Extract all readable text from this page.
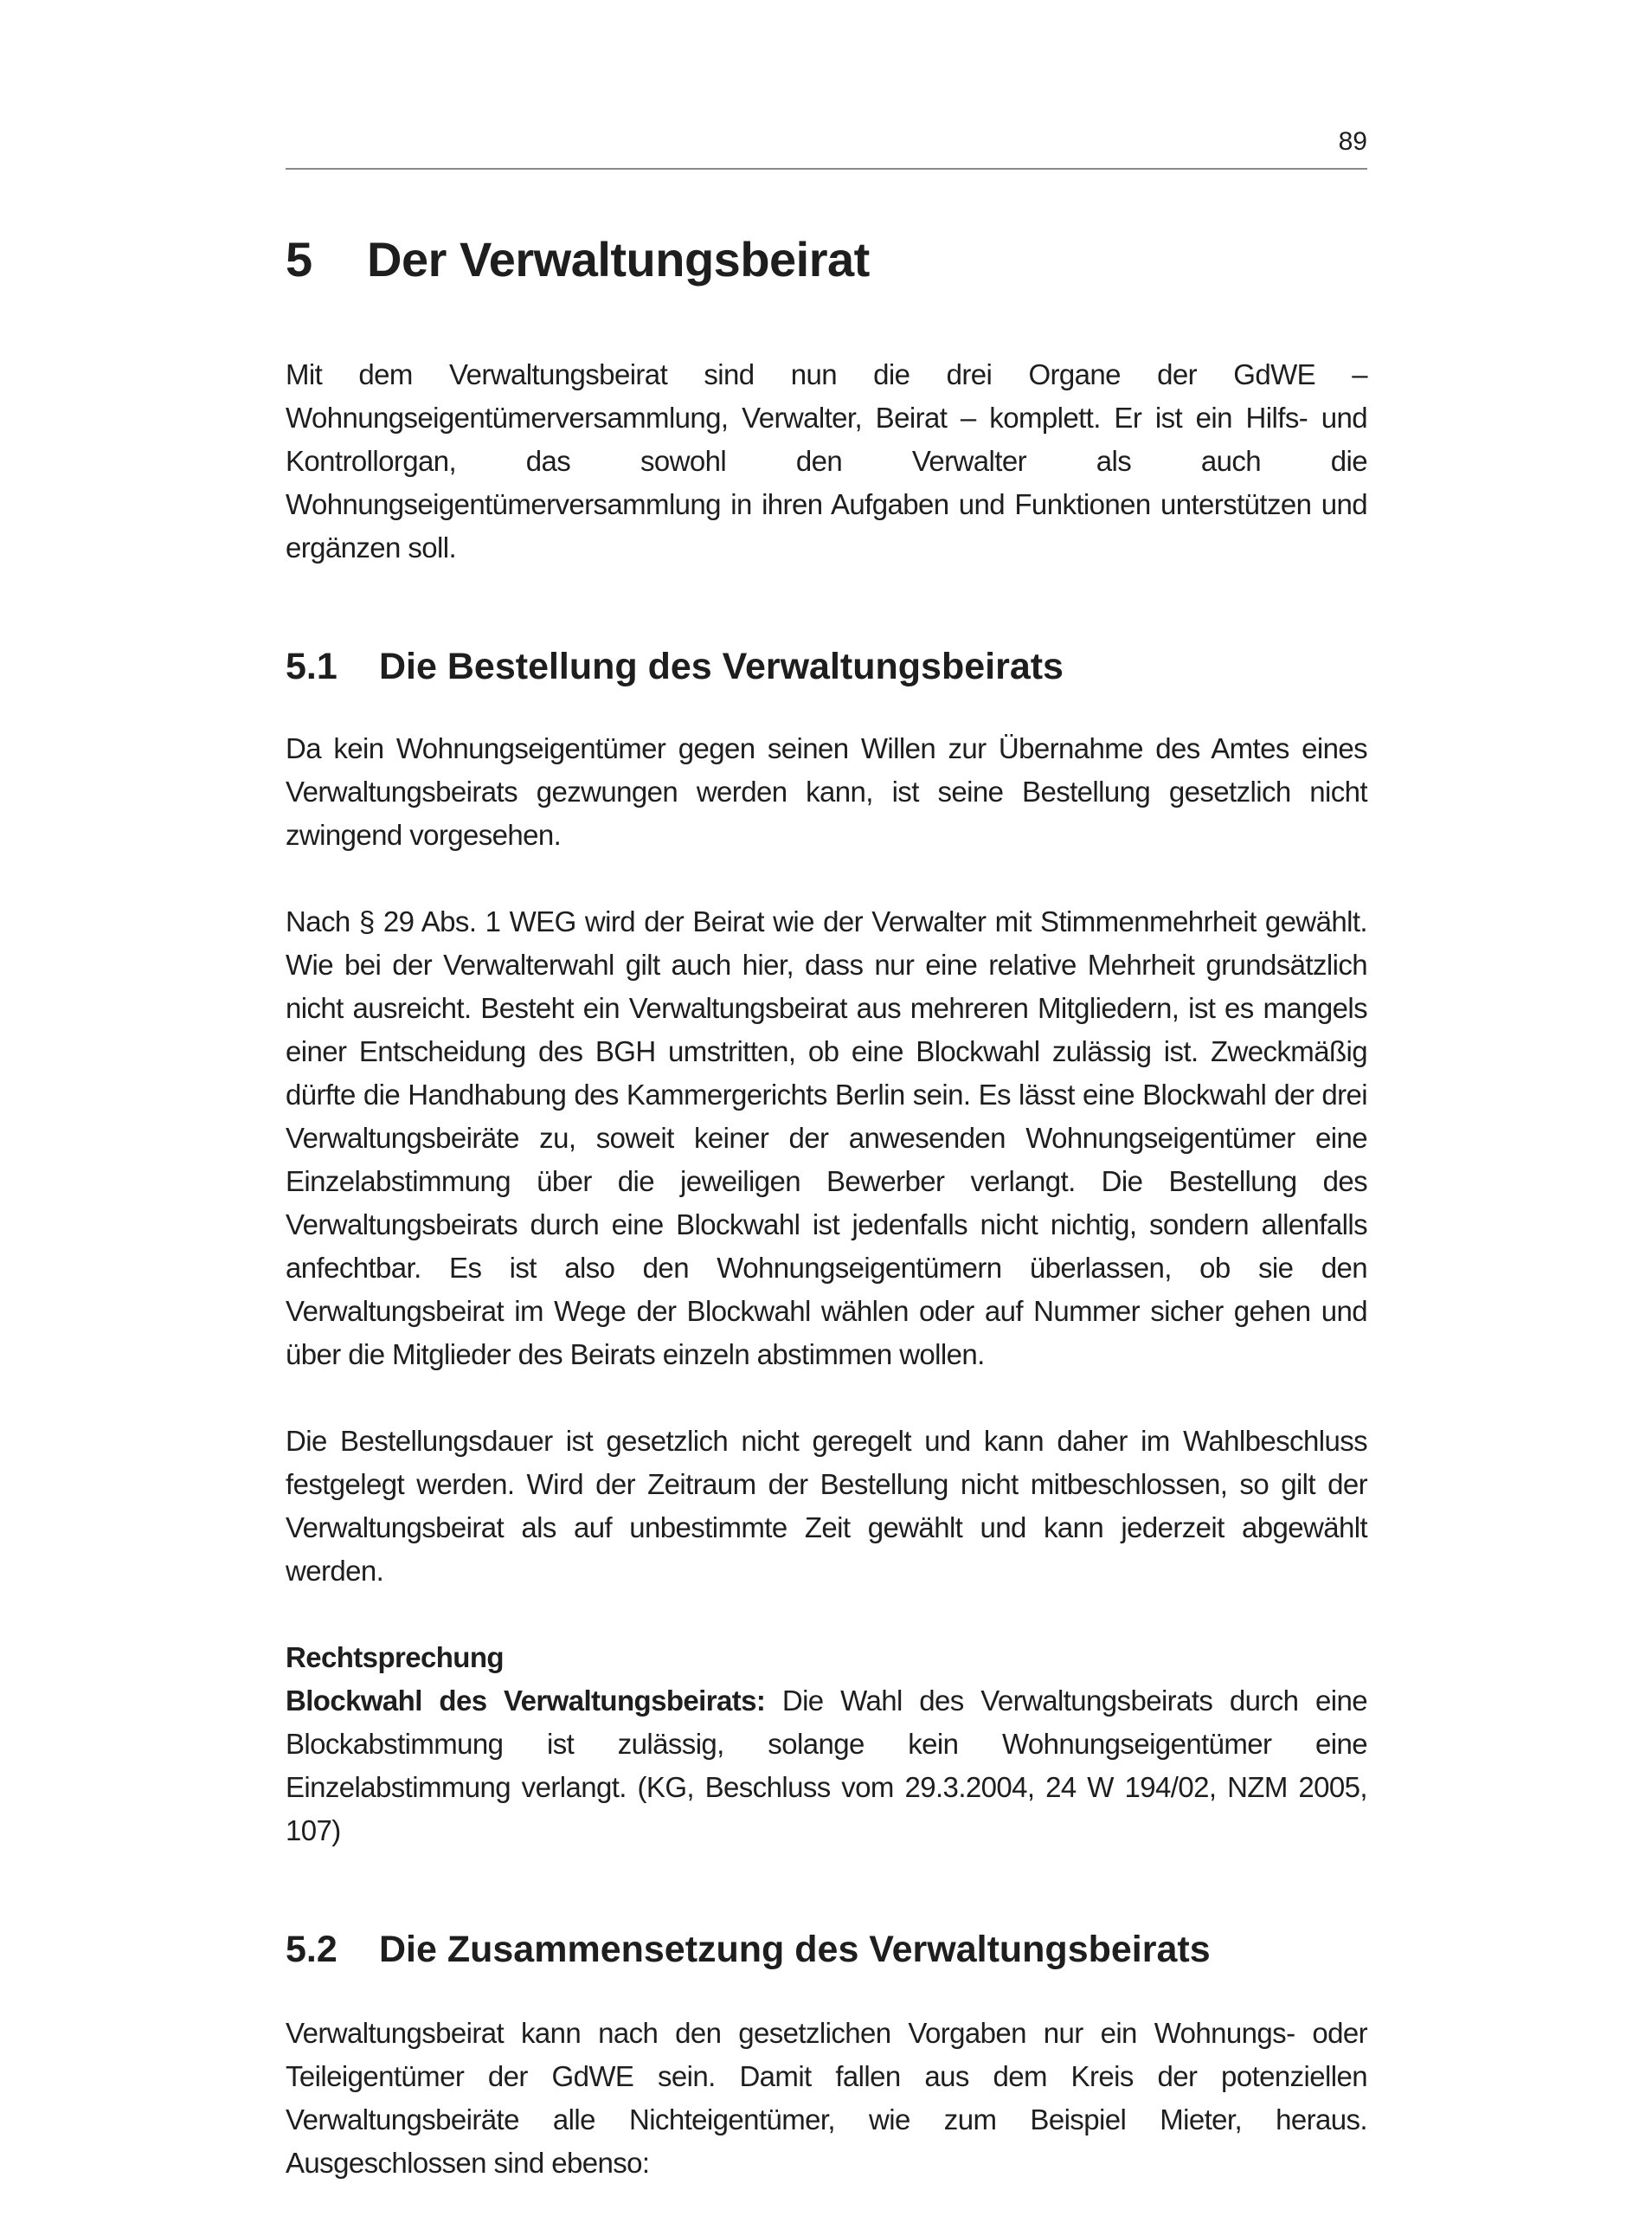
89
5 Der Verwaltungsbeirat

Mit dem Verwaltungsbeirat sind nun die drei Organe der GdWE – Wohnungseigentümerversammlung, Verwalter, Beirat – komplett. Er ist ein Hilfs- und Kontrollorgan, das sowohl den Verwalter als auch die Wohnungseigentümerversammlung in ihren Aufgaben und Funktionen unterstützen und ergänzen soll.

5.1 Die Bestellung des Verwaltungsbeirats

Da kein Wohnungseigentümer gegen seinen Willen zur Übernahme des Amtes eines Verwaltungsbeirats gezwungen werden kann, ist seine Bestellung gesetzlich nicht zwingend vorgesehen.

Nach § 29 Abs. 1 WEG wird der Beirat wie der Verwalter mit Stimmenmehrheit gewählt. Wie bei der Verwalterwahl gilt auch hier, dass nur eine relative Mehrheit grundsätzlich nicht ausreicht. Besteht ein Verwaltungsbeirat aus mehreren Mitgliedern, ist es mangels einer Entscheidung des BGH umstritten, ob eine Blockwahl zulässig ist. Zweckmäßig dürfte die Handhabung des Kammergerichts Berlin sein. Es lässt eine Blockwahl der drei Verwaltungsbeiräte zu, soweit keiner der anwesenden Wohnungseigentümer eine Einzelabstimmung über die jeweiligen Bewerber verlangt. Die Bestellung des Verwaltungsbeirats durch eine Blockwahl ist jedenfalls nicht nichtig, sondern allenfalls anfechtbar. Es ist also den Wohnungseigentümern überlassen, ob sie den Verwaltungsbeirat im Wege der Blockwahl wählen oder auf Nummer sicher gehen und über die Mitglieder des Beirats einzeln abstimmen wollen.

Die Bestellungsdauer ist gesetzlich nicht geregelt und kann daher im Wahlbeschluss festgelegt werden. Wird der Zeitraum der Bestellung nicht mitbeschlossen, so gilt der Verwaltungsbeirat als auf unbestimmte Zeit gewählt und kann jederzeit abgewählt werden.

Rechtsprechung

Blockwahl des Verwaltungsbeirats: Die Wahl des Verwaltungsbeirats durch eine Blockabstimmung ist zulässig, solange kein Wohnungseigentümer eine Einzelabstimmung verlangt. (KG, Beschluss vom 29.3.2004, 24 W 194/02, NZM 2005, 107)

5.2 Die Zusammensetzung des Verwaltungsbeirats

Verwaltungsbeirat kann nach den gesetzlichen Vorgaben nur ein Wohnungs- oder Teileigentümer der GdWE sein. Damit fallen aus dem Kreis der potenziellen Verwaltungsbeiräte alle Nichteigentümer, wie zum Beispiel Mieter, heraus. Ausgeschlossen sind ebenso:
